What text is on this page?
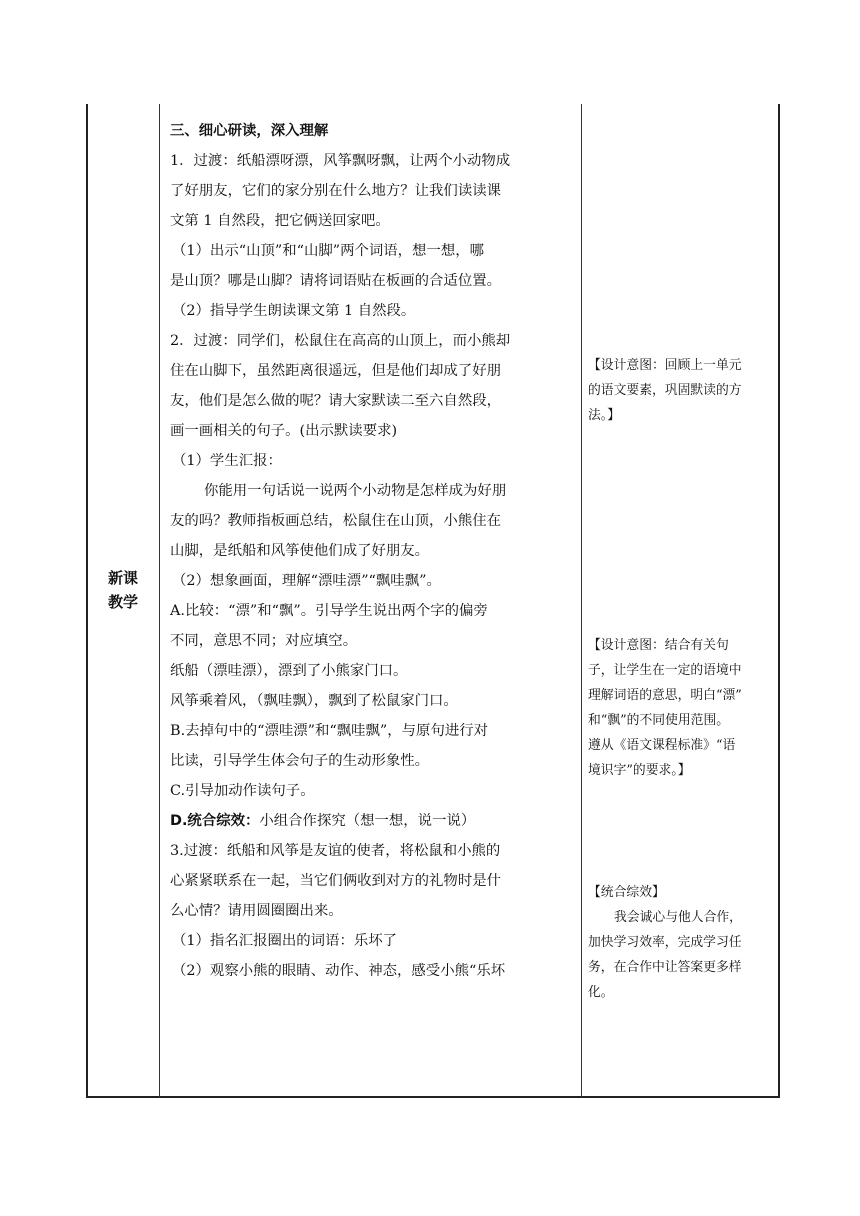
新课
教学

三、细心研读，深入理解

1．过渡：纸船漂呀漂，风筝飘呀飘，让两个小动物成

了好朋友，它们的家分别在什么地方？让我们读读课

文第 1 自然段，把它俩送回家吧。

（1）出示“山顶”和“山脚”两个词语，想一想，哪

是山顶？哪是山脚？请将词语贴在板画的合适位置。

（2）指导学生朗读课文第 1 自然段。

2．过渡：同学们，松鼠住在高高的山顶上，而小熊却

住在山脚下，虽然距离很遥远，但是他们却成了好朋

友，他们是怎么做的呢？请大家默读二至六自然段，

画一画相关的句子。(出示默读要求)

（1）学生汇报：

你能用一句话说一说两个小动物是怎样成为好朋

友的吗？教师指板画总结，松鼠住在山顶，小熊住在

山脚，是纸船和风筝使他们成了好朋友。

（2）想象画面，理解“漂哇漂”“飘哇飘”。

A.比较：“漂”和“飘”。引导学生说出两个字的偏旁

不同，意思不同；对应填空。

纸船（漂哇漂），漂到了小熊家门口。

风筝乘着风，（飘哇飘），飘到了松鼠家门口。

B.去掉句中的“漂哇漂”和“飘哇飘”，与原句进行对

比读，引导学生体会句子的生动形象性。

C.引导加动作读句子。

D.统合综效：小组合作探究（想一想，说一说）

3.过渡：纸船和风筝是友谊的使者，将松鼠和小熊的

心紧紧联系在一起，当它们俩收到对方的礼物时是什

么心情？请用圆圈圈出来。

（1）指名汇报圈出的词语：乐坏了

（2）观察小熊的眼睛、动作、神态，感受小熊“乐坏

【设计意图：回顾上一单元

的语文要素，巩固默读的方

法。】

【设计意图：结合有关句

子，让学生在一定的语境中

理解词语的意思，明白“漂”

和“飘”的不同使用范围。

遵从《语文课程标准》“语

境识字”的要求。】

【统合综效】

我会诚心与他人合作，

加快学习效率，完成学习任

务，在合作中让答案更多样

化。
